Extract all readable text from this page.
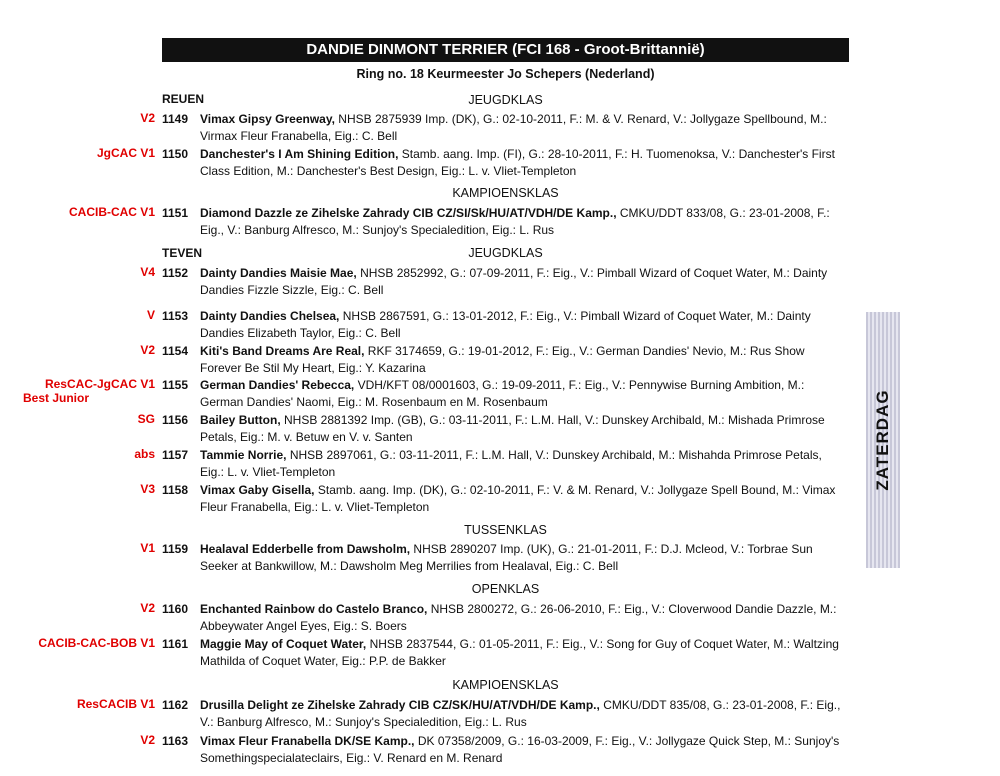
DANDIE DINMONT TERRIER (FCI 168 - Groot-Brittannië)
Ring no. 18 Keurmeester Jo Schepers (Nederland)
REUEN	JEUGDKLAS
V2 1149 Vimax Gipsy Greenway, NHSB 2875939 Imp. (DK), G.: 02-10-2011, F.: M. & V. Renard, V.: Jollygaze Spellbound, M.: Virmax Fleur Franabella, Eig.: C. Bell
JgCAC V1 1150 Danchester's I Am Shining Edition, Stamb. aang. Imp. (FI), G.: 28-10-2011, F.: H. Tuomenoksa, V.: Danchester's First Class Edition, M.: Danchester's Best Design, Eig.: L. v. Vliet-Templeton
KAMPIOENSKLAS
CACIB-CAC V1 1151 Diamond Dazzle ze Zihelske Zahrady CIB CZ/SI/Sk/HU/AT/VDH/DE Kamp., CMKU/DDT 833/08, G.: 23-01-2008, F.: Eig., V.: Banburg Alfresco, M.: Sunjoy's Specialedition, Eig.: L. Rus
TEVEN	JEUGDKLAS
V4 1152 Dainty Dandies Maisie Mae, NHSB 2852992, G.: 07-09-2011, F.: Eig., V.: Pimball Wizard of Coquet Water, M.: Dainty Dandies Fizzle Sizzle, Eig.: C. Bell
V 1153 Dainty Dandies Chelsea, NHSB 2867591, G.: 13-01-2012, F.: Eig., V.: Pimball Wizard of Coquet Water, M.: Dainty Dandies Elizabeth Taylor, Eig.: C. Bell
V2 1154 Kiti's Band Dreams Are Real, RKF 3174659, G.: 19-01-2012, F.: Eig., V.: German Dandies' Nevio, M.: Rus Show Forever Be Stil My Heart, Eig.: Y. Kazarina
ResCAC-JgCAC V1
Best Junior
1155 German Dandies' Rebecca, VDH/KFT 08/0001603, G.: 19-09-2011, F.: Eig., V.: Pennywise Burning Ambition, M.: German Dandies' Naomi, Eig.: M. Rosenbaum en M. Rosenbaum
SG 1156 Bailey Button, NHSB 2881392 Imp. (GB), G.: 03-11-2011, F.: L.M. Hall, V.: Dunskey Archibald, M.: Mishada Primrose Petals, Eig.: M. v. Betuw en V. v. Santen
abs 1157 Tammie Norrie, NHSB 2897061, G.: 03-11-2011, F.: L.M. Hall, V.: Dunskey Archibald, M.: Mishahda Primrose Petals, Eig.: L. v. Vliet-Templeton
V3 1158 Vimax Gaby Gisella, Stamb. aang. Imp. (DK), G.: 02-10-2011, F.: V. & M. Renard, V.: Jollygaze Spell Bound, M.: Vimax Fleur Franabella, Eig.: L. v. Vliet-Templeton
TUSSENKLAS
V1 1159 Healaval Edderbelle from Dawsholm, NHSB 2890207 Imp. (UK), G.: 21-01-2011, F.: D.J. Mcleod, V.: Torbrae Sun Seeker at Bankwillow, M.: Dawsholm Meg Merrilies from Healaval, Eig.: C. Bell
OPENKLAS
V2 1160 Enchanted Rainbow do Castelo Branco, NHSB 2800272, G.: 26-06-2010, F.: Eig., V.: Cloverwood Dandie Dazzle, M.: Abbeywater Angel Eyes, Eig.: S. Boers
CACIB-CAC-BOB V1 1161 Maggie May of Coquet Water, NHSB 2837544, G.: 01-05-2011, F.: Eig., V.: Song for Guy of Coquet Water, M.: Waltzing Mathilda of Coquet Water, Eig.: P.P. de Bakker
KAMPIOENSKLAS
ResCACIB V1 1162 Drusilla Delight ze Zihelske Zahrady CIB CZ/SK/HU/AT/VDH/DE Kamp., CMKU/DDT 835/08, G.: 23-01-2008, F.: Eig., V.: Banburg Alfresco, M.: Sunjoy's Specialedition, Eig.: L. Rus
V2 1163 Vimax Fleur Franabella DK/SE Kamp., DK 07358/2009, G.: 16-03-2009, F.: Eig., V.: Jollygaze Quick Step, M.: Sunjoy's Somethingspecialateclairs, Eig.: V. Renard en M. Renard
ZATERDAG
